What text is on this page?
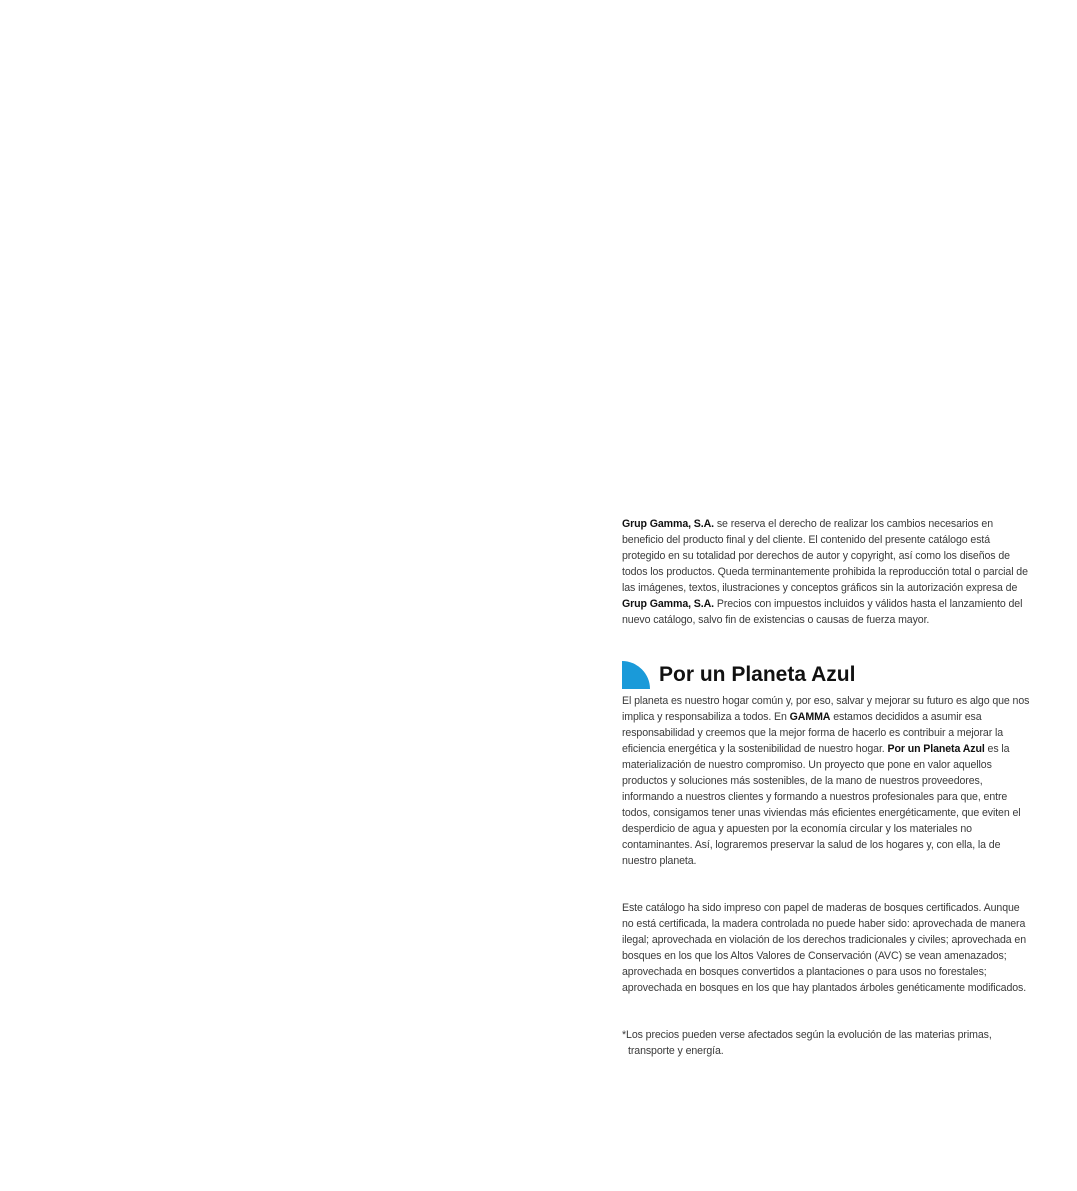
Grup Gamma, S.A. se reserva el derecho de realizar los cambios necesarios en beneficio del producto final y del cliente. El contenido del presente catálogo está protegido en su totalidad por derechos de autor y copyright, así como los diseños de todos los productos. Queda terminantemente prohibida la reproducción total o parcial de las imágenes, textos, ilustraciones y conceptos gráficos sin la autorización expresa de Grup Gamma, S.A. Precios con impuestos incluidos y válidos hasta el lanzamiento del nuevo catálogo, salvo fin de existencias o causas de fuerza mayor.

Por un Planeta Azul

El planeta es nuestro hogar común y, por eso, salvar y mejorar su futuro es algo que nos implica y responsabiliza a todos. En GAMMA estamos decididos a asumir esa responsabilidad y creemos que la mejor forma de hacerlo es contribuir a mejorar la eficiencia energética y la sostenibilidad de nuestro hogar. Por un Planeta Azul es la materialización de nuestro compromiso. Un proyecto que pone en valor aquellos productos y soluciones más sostenibles, de la mano de nuestros proveedores, informando a nuestros clientes y formando a nuestros profesionales para que, entre todos, consigamos tener unas viviendas más eficientes energéticamente, que eviten el desperdicio de agua y apuesten por la economía circular y los materiales no contaminantes. Así, lograremos preservar la salud de los hogares y, con ella, la de nuestro planeta.

Este catálogo ha sido impreso con papel de maderas de bosques certificados. Aunque no está certificada, la madera controlada no puede haber sido: aprovechada de manera ilegal; aprovechada en violación de los derechos tradicionales y civiles; aprovechada en bosques en los que los Altos Valores de Conservación (AVC) se vean amenazados; aprovechada en bosques convertidos a plantaciones o para usos no forestales; aprovechada en bosques en los que hay plantados árboles genéticamente modificados.

*Los precios pueden verse afectados según la evolución de las materias primas,
transporte y energía.
